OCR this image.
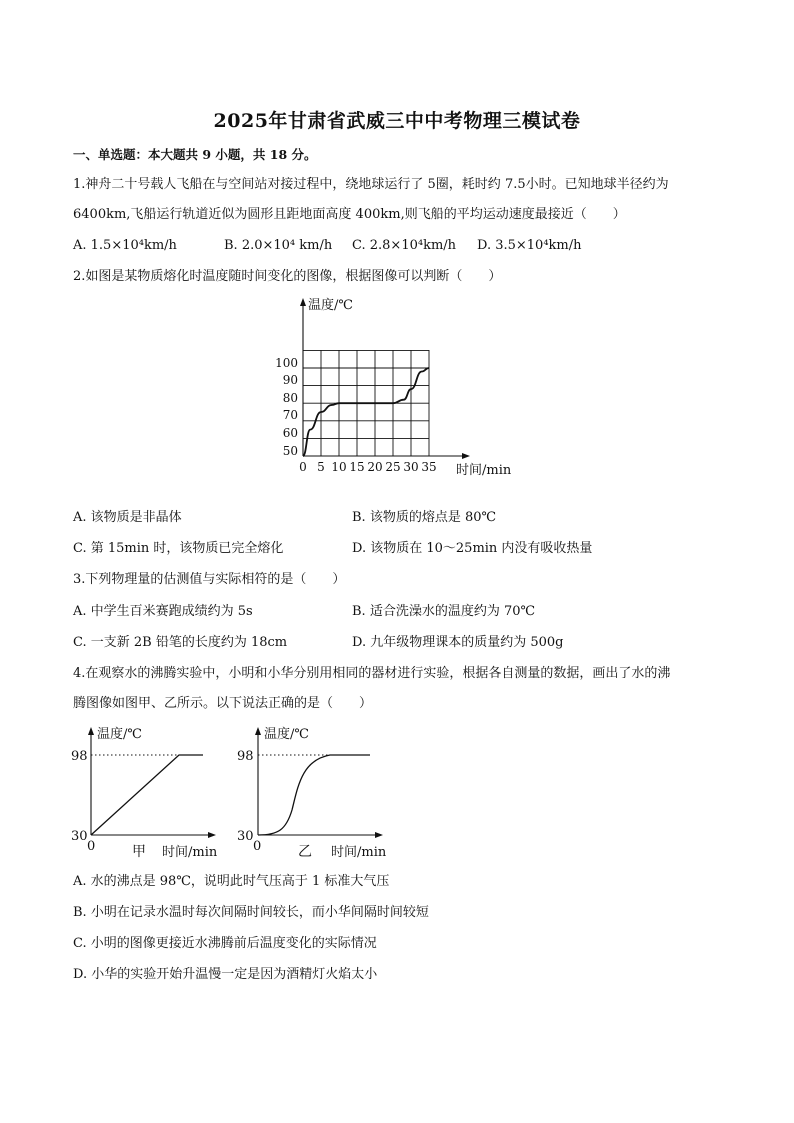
2025年甘肃省武威三中中考物理三模试卷
一、单选题：本大题共 9 小题，共 18 分。
1.神舟二十号载人飞船在与空间站对接过程中，绕地球运行了 5圈，耗时约 7.5小时。已知地球半径约为
6400km,飞船运行轨道近似为圆形且距地面高度 400km,则飞船的平均运动速度最接近（　　）
A. 1.5×10⁴km/h	B. 2.0×10⁴ km/h C. 2.8×10⁴km/h D. 3.5×10⁴km/h
2.如图是某物质熔化时温度随时间变化的图像，根据图像可以判断（　　）
温度/℃
时间/min
100
90
80
70
60
50
0 5 10 15 20 25 30 35
A. 该物质是非晶体	B. 该物质的熔点是 80℃
C. 第 15min 时，该物质已完全熔化	D. 该物质在 10～25min 内没有吸收热量
3.下列物理量的估测值与实际相符的是（　　）
A. 中学生百米赛跑成绩约为 5s	B. 适合洗澡水的温度约为 70℃
C. 一支新 2B 铅笔的长度约为 18cm	D. 九年级物理课本的质量约为 500g
4.在观察水的沸腾实验中，小明和小华分别用相同的器材进行实验，根据各自测量的数据，画出了水的沸
腾图像如图甲、乙所示。以下说法正确的是（　　）
温度/℃
98
30
0	甲 时间/min
温度/℃
98
30
0	乙 时间/min
A. 水的沸点是 98℃，说明此时气压高于 1 标准大气压
B. 小明在记录水温时每次间隔时间较长，而小华间隔时间较短
C. 小明的图像更接近水沸腾前后温度变化的实际情况
D. 小华的实验开始升温慢一定是因为酒精灯火焰太小
